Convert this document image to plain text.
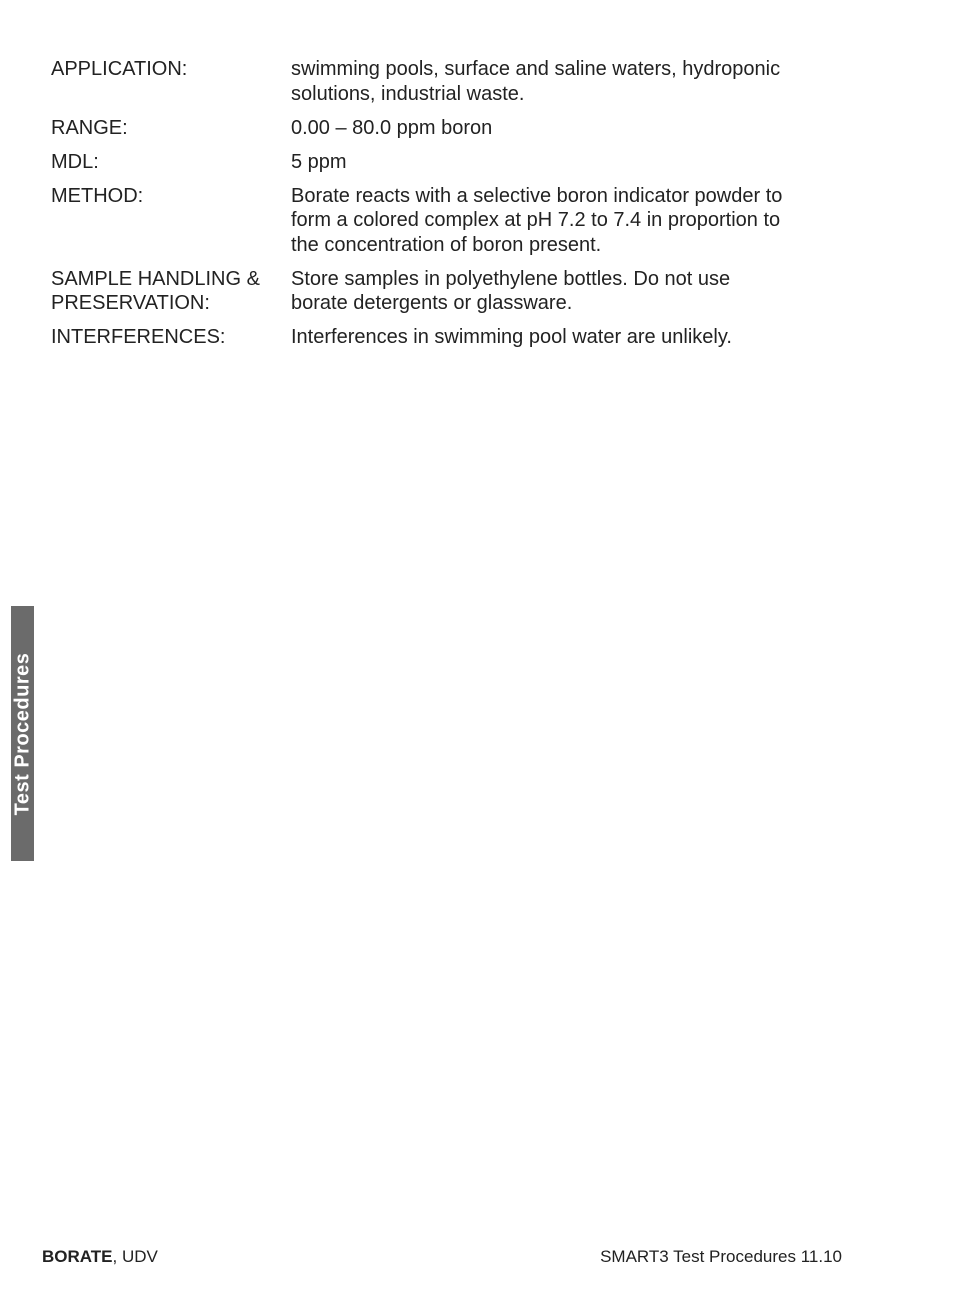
APPLICATION:	swimming pools, surface and saline waters, hydroponic
solutions, industrial waste.

RANGE:	0.00 – 80.0 ppm boron

MDL:	5 ppm

METHOD:	Borate reacts with a selective boron indicator powder to
form a colored complex at pH 7.2 to 7.4 in proportion to
the concentration of boron present.

SAMPLE HANDLING &
PRESERVATION:	Store samples in polyethylene bottles. Do not use
borate detergents or glassware.

INTERFERENCES:	Interferences in swimming pool water are unlikely.
Test Procedures
BORATE, UDV	SMART3 Test Procedures 11.10
